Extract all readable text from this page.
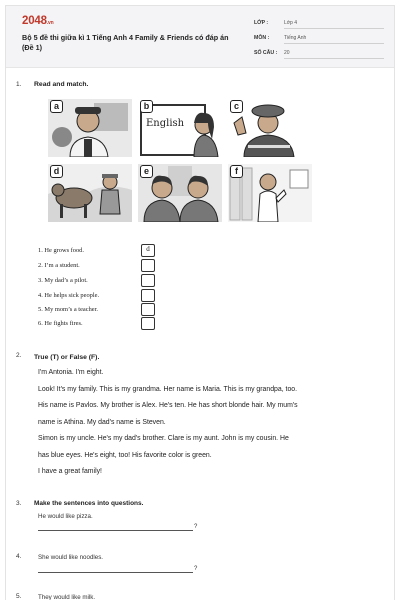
2048.vn
Bộ 5 đề thi giữa kì 1 Tiếng Anh 4 Family & Friends có đáp án (Đề 1)
LỚP :	Lớp 4
MÔN :	Tiếng Anh
SỐ CÂU : 20
1. Read and match.
a
English
b	c
d	e	f
1. He grows food.
2. I’m a student.
3. My dad’s a pilot.
4. He helps sick people.
5. My mom’s a teacher.
6. He fights fires.
d
2. True (T) or False (F).
I'm Antonia. I'm eight.
Look! It's my family. This is my grandma. Her name is Maria. This is my grandpa, too.
His name is Pavlos. My brother is Alex. He's ten. He has short blonde hair. My mum's
name is Athina. My dad's name is Steven.
Simon is my uncle. He's my dad's brother. Clare is my aunt. John is my cousin. He
has blue eyes. He's eight, too! His favorite color is green.
I have a great family!
3. Make the sentences into questions.
He would like pizza.
?
4.	She would like noodles.
?
5.	They would like milk.
